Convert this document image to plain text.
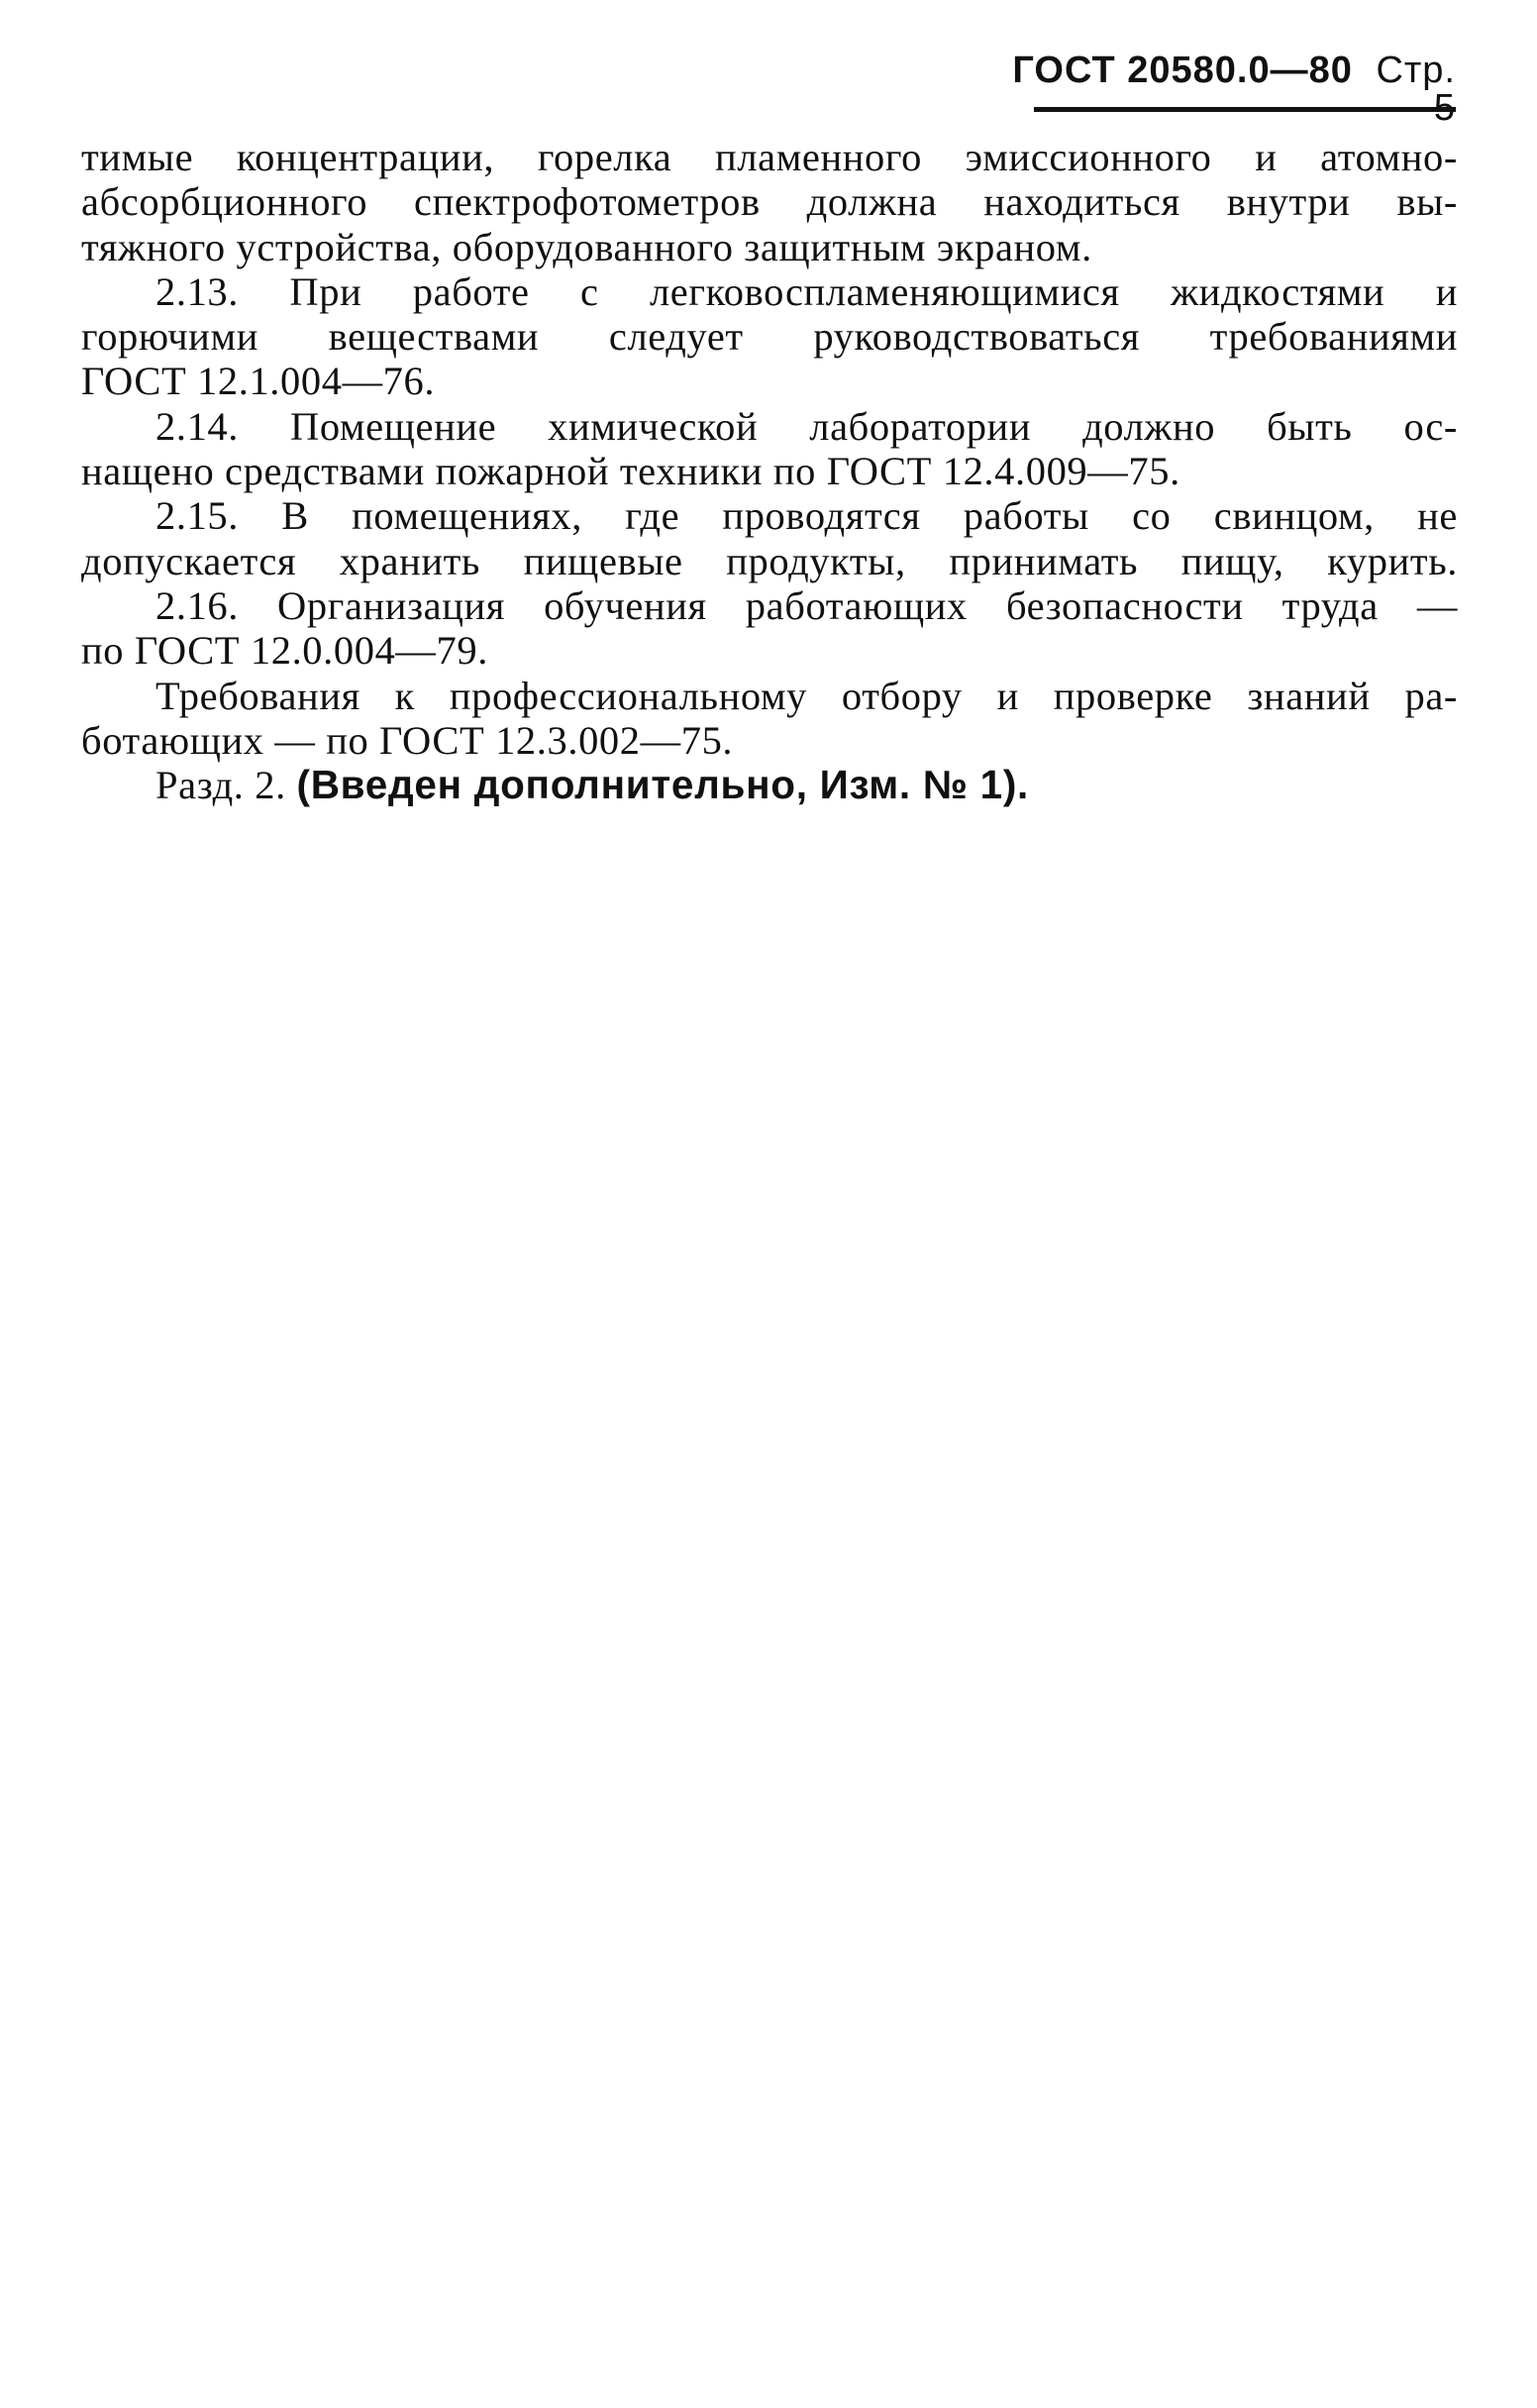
ГОСТ 20580.0—80 Стр.
тимые концентрации, горелка пламенного эмиссионного и атомно-
абсорбционного спектрофотометров должна находиться внутри вы-
тяжного устройства, оборудованного защитным экраном.
2.13. При работе с легковоспламеняющимися жидкостями и
горючими веществами следует руководствоваться требованиями
ГОСТ 12.1.004—76.
2.14. Помещение химической лаборатории должно быть ос-
нащено средствами пожарной техники по ГОСТ 12.4.009—75.
2.15. В помещениях, где проводятся работы со свинцом, не
допускается хранить пищевые продукты, принимать пищу, курить.
2.16. Организация обучения работающих безопасности труда —
по ГОСТ 12.0.004—79.
Требования к профессиональному отбору и проверке знаний ра-
ботающих — по ГОСТ 12.3.002—75.
Разд. 2. (Введен дополнительно, Изм. № 1).
